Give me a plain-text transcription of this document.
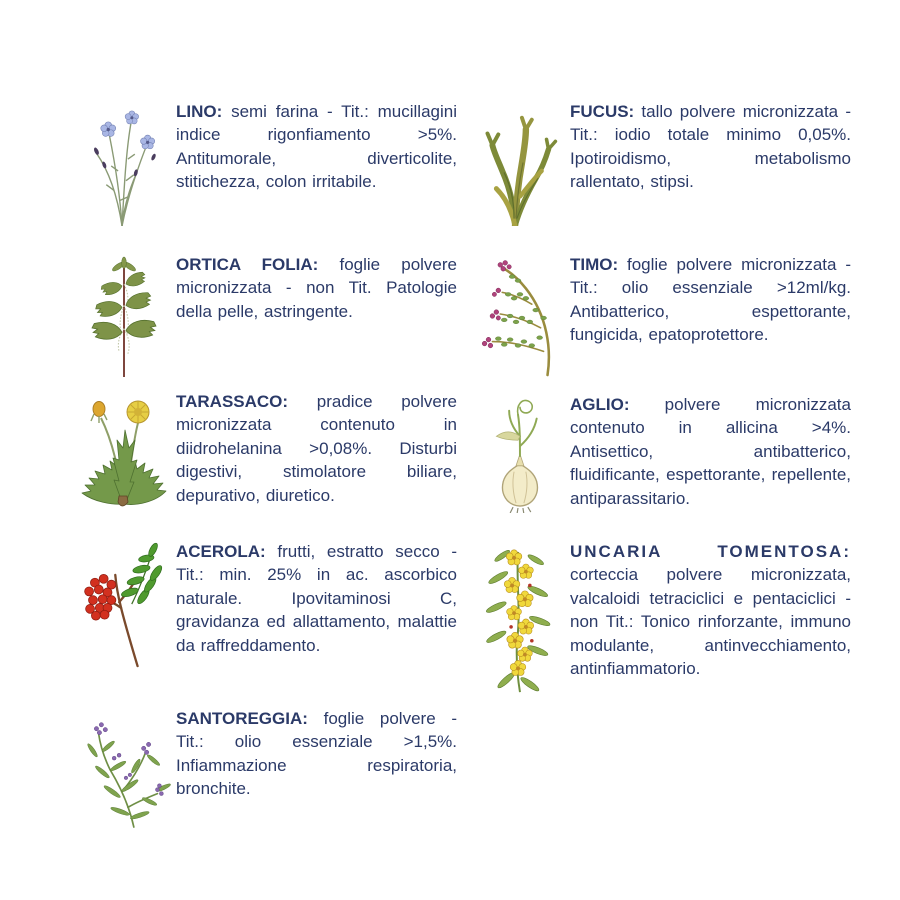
LINO: semi farina - Tit.: mucillagini indice rigonfiamento >5%. Antitumorale, diverticolite, stitichezza, colon irritabile.
ORTICA FOLIA: foglie polvere micronizzata - non Tit. Patologie della pelle, astringente.
TARASSACO: pradice polvere micronizzata contenuto in diidrohelanina >0,08%. Disturbi digestivi, stimolatore biliare, depurativo, diuretico.
ACEROLA: frutti, estratto secco - Tit.: min. 25% in ac. ascorbico naturale. Ipovitaminosi C, gravidanza ed allattamento, malattie da raffreddamento.
SANTOREGGIA: foglie polvere - Tit.: olio essenziale >1,5%. Infiammazione respiratoria, bronchite.
FUCUS: tallo polvere micronizzata - Tit.: iodio totale minimo 0,05%. Ipotiroidismo, metabolismo rallentato, stipsi.
TIMO: foglie polvere micronizzata - Tit.: olio essenziale >12ml/kg. Antibatterico, espettorante, fungicida, epatoprotettore.
AGLIO: polvere micronizzata contenuto in allicina >4%. Antisettico, antibatterico, fluidificante, espettorante, repellente, antiparassitario.
UNCARIA TOMENTOSA: corteccia polvere micronizzata, valcaloidi tetraciclici e pentaciclici - non Tit.: Tonico rinforzante, immuno modulante, antinvecchiamento, antinfiammatorio.
